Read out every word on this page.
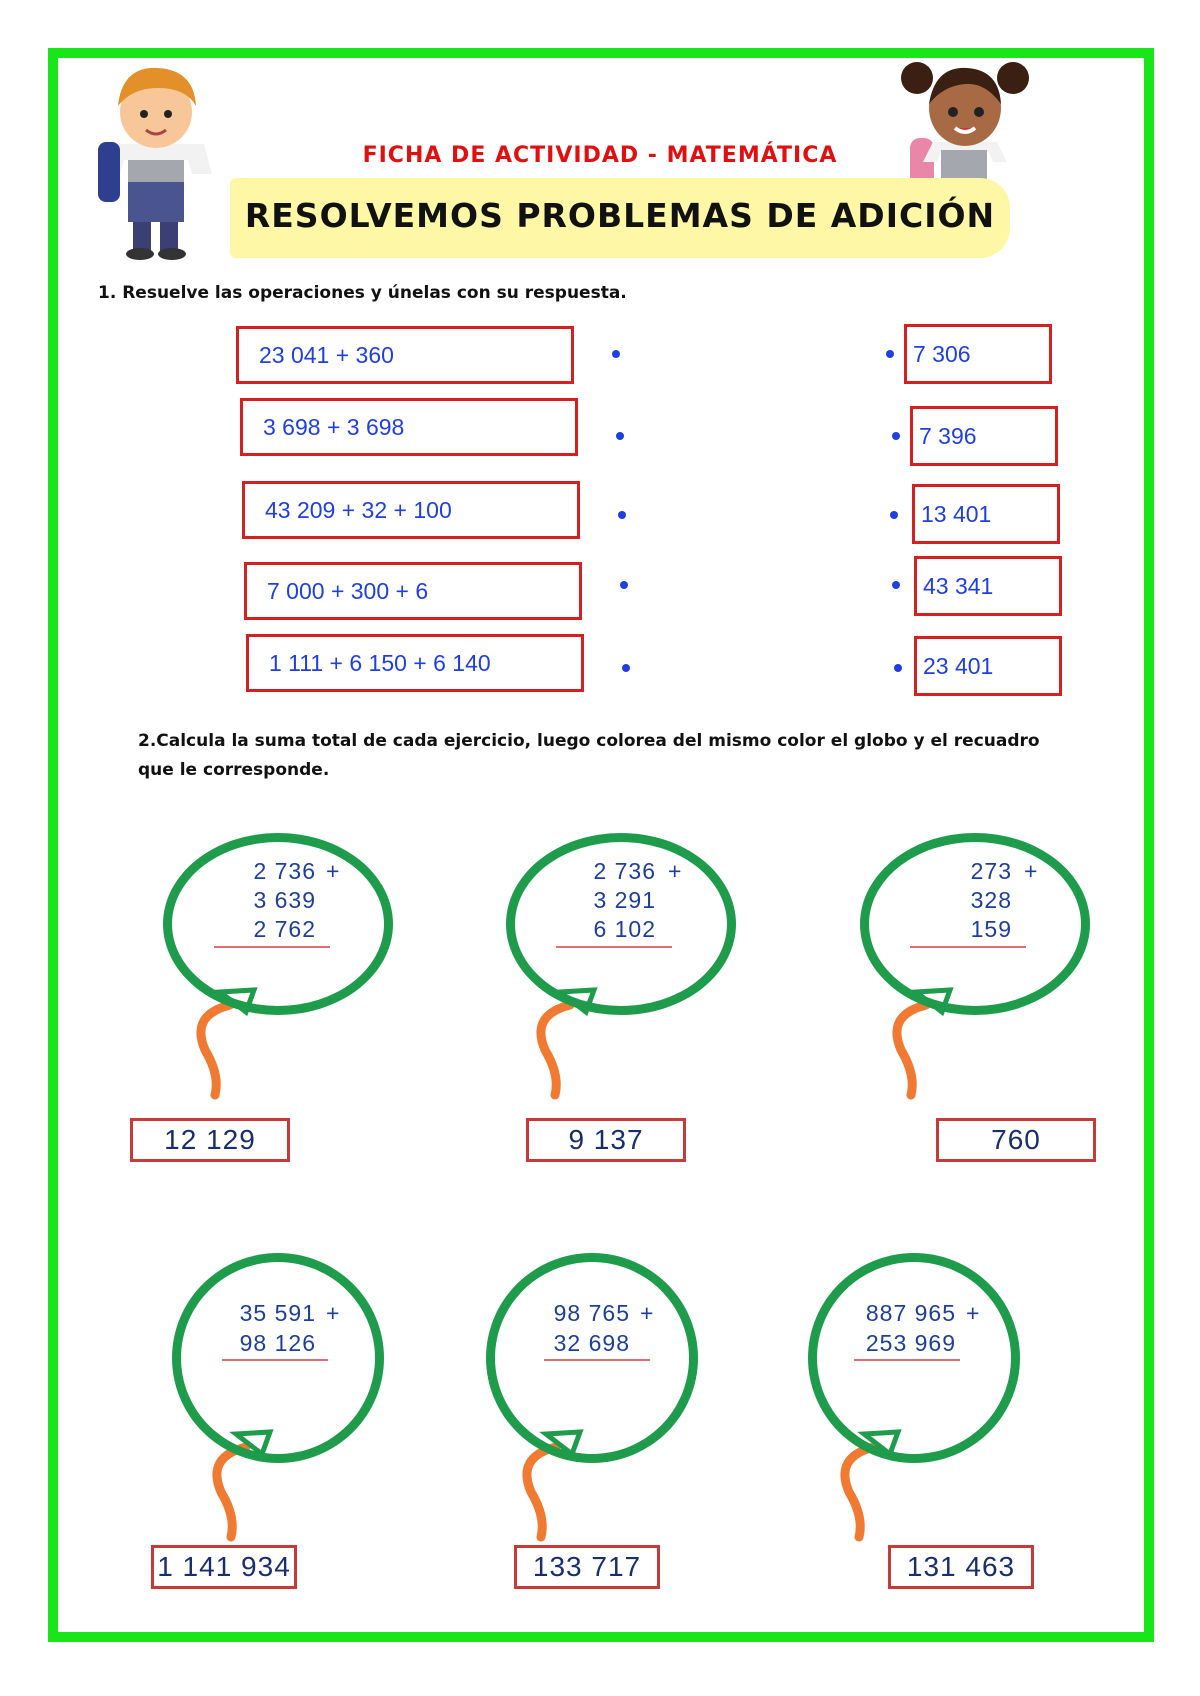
FICHA DE ACTIVIDAD - MATEMÁTICA
RESOLVEMOS PROBLEMAS DE ADICIÓN
1. Resuelve las operaciones y únelas con su respuesta.
23 041 + 360
3 698 + 3 698
43 209 + 32 + 100
7 000 + 300 + 6
1 111 + 6 150 + 6 140
7 306
7 396
13 401
43 341
23 401
2.Calcula la suma total de cada ejercicio, luego colorea del mismo color el globo y el recuadro
que le corresponde.
2 736 +
3 639
2 762
2 736 +
3 291
6 102
273 +
328
159
12 129	9 137	760
35 591 +
98 126
98 765 +
32 698
887 965 +
253 969
1 141 934	133 717	131 463
